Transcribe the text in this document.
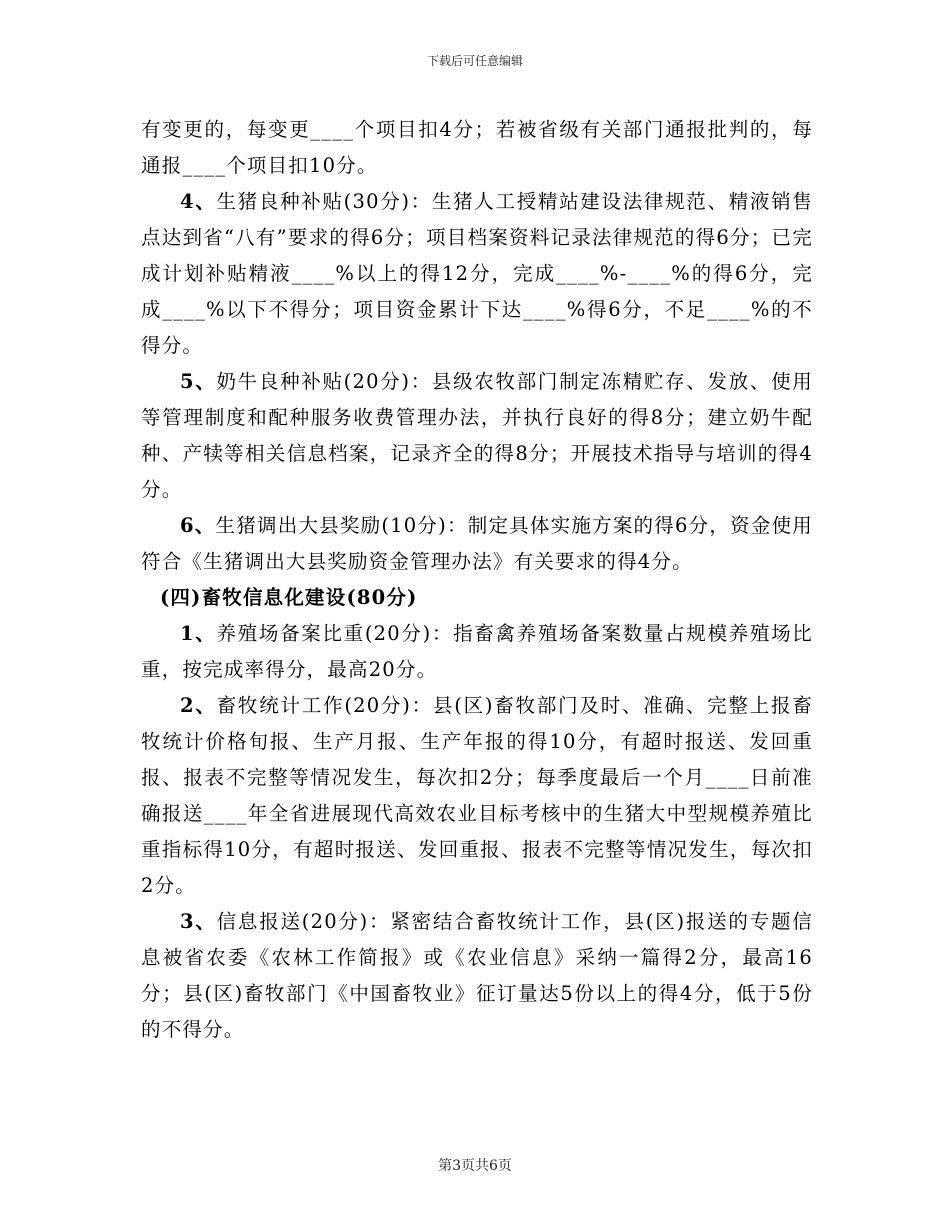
下载后可任意编辑

有变更的，每变更____个项目扣4分；若被省级有关部门通报批判的，每通报____个项目扣10分。

4、生猪良种补贴(30分)：生猪人工授精站建设法律规范、精液销售点达到省“八有”要求的得6分；项目档案资料记录法律规范的得6分；已完成计划补贴精液____%以上的得12分，完成____%-____%的得6分，完成____%以下不得分；项目资金累计下达____%得6分，不足____%的不得分。

5、奶牛良种补贴(20分)：县级农牧部门制定冻精贮存、发放、使用等管理制度和配种服务收费管理办法，并执行良好的得8分；建立奶牛配种、产犊等相关信息档案，记录齐全的得8分；开展技术指导与培训的得4分。

6、生猪调出大县奖励(10分)：制定具体实施方案的得6分，资金使用符合《生猪调出大县奖励资金管理办法》有关要求的得4分。

(四)畜牧信息化建设(80分)

1、养殖场备案比重(20分)：指畜禽养殖场备案数量占规模养殖场比重，按完成率得分，最高20分。

2、畜牧统计工作(20分)：县(区)畜牧部门及时、准确、完整上报畜牧统计价格旬报、生产月报、生产年报的得10分，有超时报送、发回重报、报表不完整等情况发生，每次扣2分；每季度最后一个月____日前准确报送____年全省进展现代高效农业目标考核中的生猪大中型规模养殖比重指标得10分，有超时报送、发回重报、报表不完整等情况发生，每次扣2分。

3、信息报送(20分)：紧密结合畜牧统计工作，县(区)报送的专题信息被省农委《农林工作简报》或《农业信息》采纳一篇得2分，最高16分；县(区)畜牧部门《中国畜牧业》征订量达5份以上的得4分，低于5份的不得分。

第3页共6页
